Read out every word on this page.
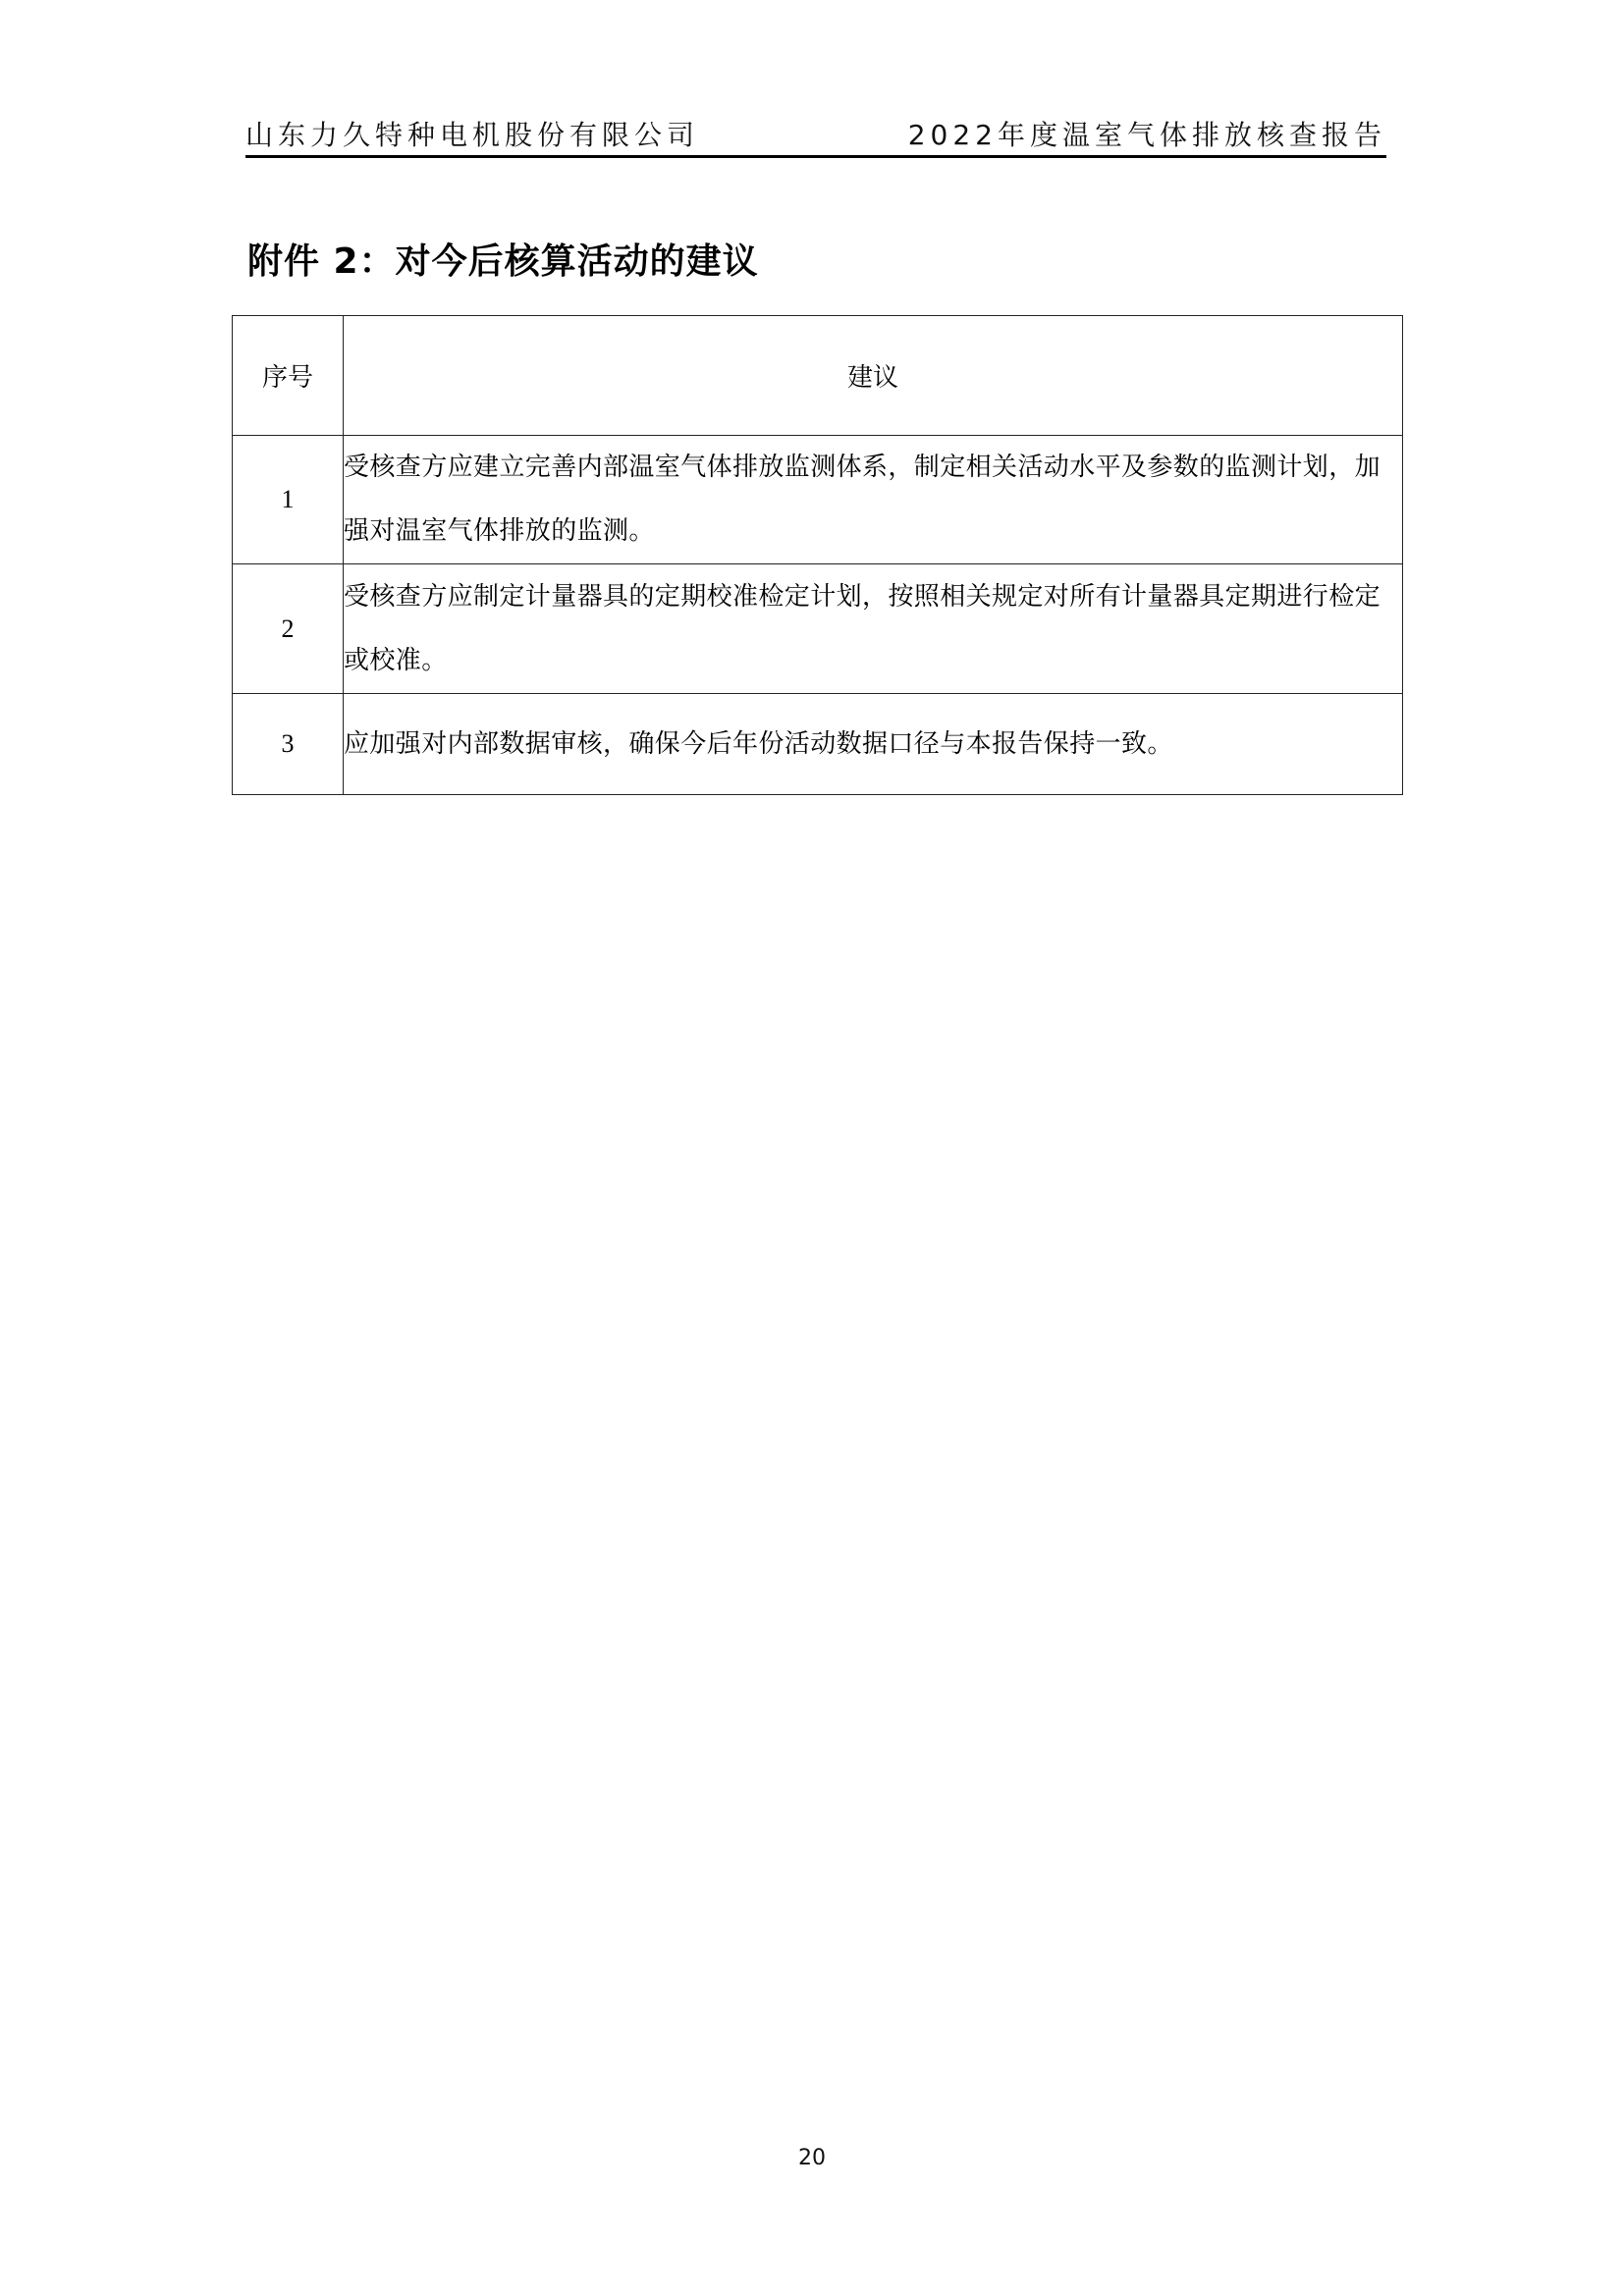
山东力久特种电机股份有限公司	2022年度温室气体排放核查报告
附件 2：对今后核算活动的建议
序号	建议
1	受核查方应建立完善内部温室气体排放监测体系，制定相关活动水平及参数的监测计划，加强对温室气体排放的监测。
2	受核查方应制定计量器具的定期校准检定计划，按照相关规定对所有计量器具定期进行检定或校准。
3	应加强对内部数据审核，确保今后年份活动数据口径与本报告保持一致。
20
